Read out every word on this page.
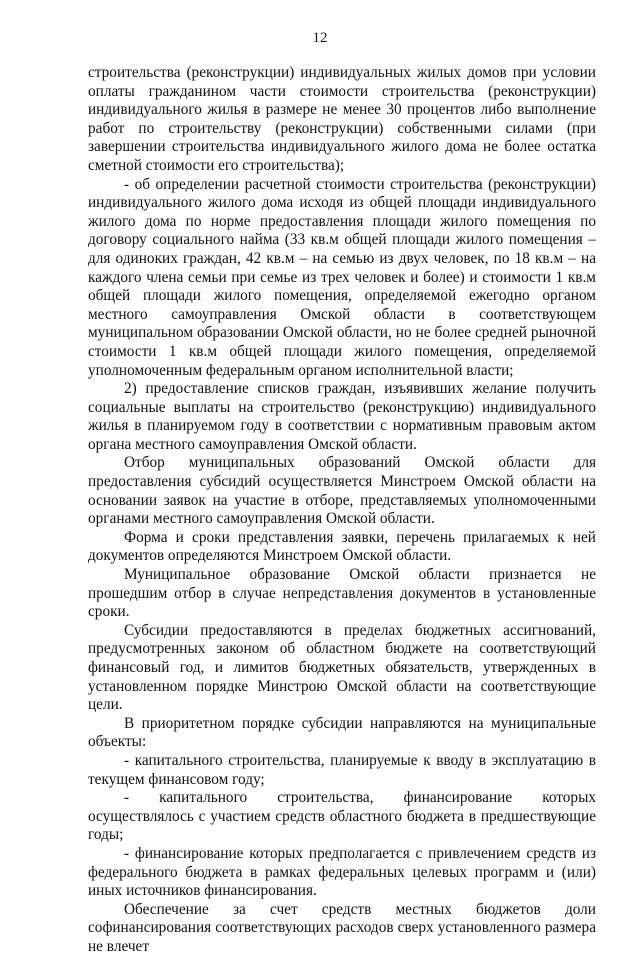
12

строительства (реконструкции) индивидуальных жилых домов при условии оплаты гражданином части стоимости строительства (реконструкции) индивидуального жилья в размере не менее 30 процентов либо выполнение работ по строительству (реконструкции) собственными силами (при завершении строительства индивидуального жилого дома не более остатка сметной стоимости его строительства);

- об определении расчетной стоимости строительства (реконструкции) индивидуального жилого дома исходя из общей площади индивидуального жилого дома по норме предоставления площади жилого помещения по договору социального найма (33 кв.м общей площади жилого помещения – для одиноких граждан, 42 кв.м – на семью из двух человек, по 18 кв.м – на каждого члена семьи при семье из трех человек и более) и стоимости 1 кв.м общей площади жилого помещения, определяемой ежегодно органом местного самоуправления Омской области в соответствующем муниципальном образовании Омской области, но не более средней рыночной стоимости 1 кв.м общей площади жилого помещения, определяемой уполномоченным федеральным органом исполнительной власти;

2) предоставление списков граждан, изъявивших желание получить социальные выплаты на строительство (реконструкцию) индивидуального жилья в планируемом году в соответствии с нормативным правовым актом органа местного самоуправления Омской области.

Отбор муниципальных образований Омской области для предоставления субсидий осуществляется Минстроем Омской области на основании заявок на участие в отборе, представляемых уполномоченными органами местного самоуправления Омской области.

Форма и сроки представления заявки, перечень прилагаемых к ней документов определяются Минстроем Омской области.

Муниципальное образование Омской области признается не прошедшим отбор в случае непредставления документов в установленные сроки.

Субсидии предоставляются в пределах бюджетных ассигнований, предусмотренных законом об областном бюджете на соответствующий финансовый год, и лимитов бюджетных обязательств, утвержденных в установленном порядке Минстрою Омской области на соответствующие цели.

В приоритетном порядке субсидии направляются на муниципальные объекты:

- капитального строительства, планируемые к вводу в эксплуатацию в текущем финансовом году;

- капитального строительства, финансирование которых осуществлялось с участием средств областного бюджета в предшествующие годы;

- финансирование которых предполагается с привлечением средств из федерального бюджета в рамках федеральных целевых программ и (или) иных источников финансирования.

Обеспечение за счет средств местных бюджетов доли софинансирования соответствующих расходов сверх установленного размера не влечет
